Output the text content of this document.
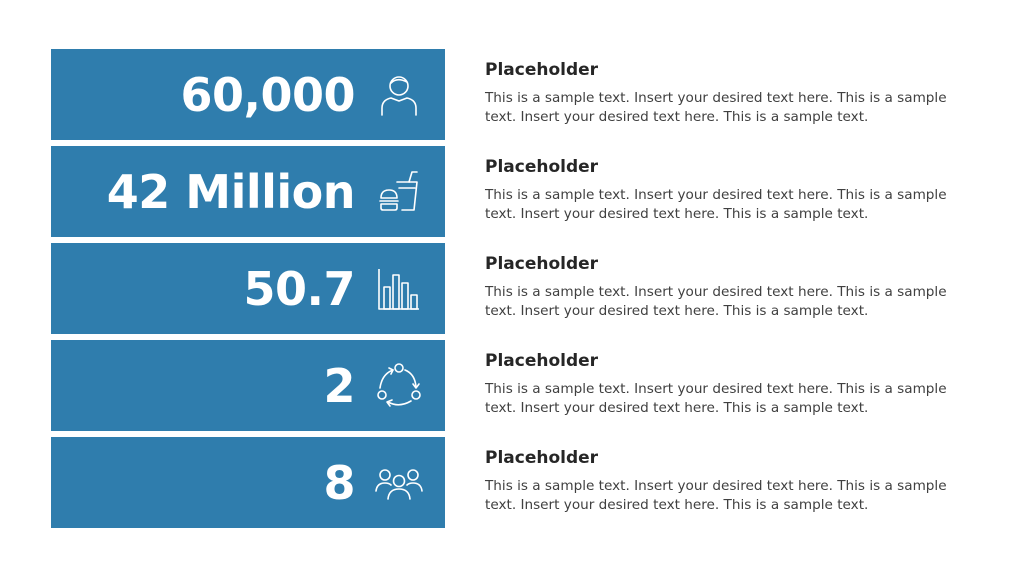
60,000
42 Million
50.7
2
8
Placeholder
This is a sample text. Insert your desired text here. This is a sample text. Insert your desired text here. This is a sample text.
Placeholder
This is a sample text. Insert your desired text here. This is a sample text. Insert your desired text here. This is a sample text.
Placeholder
This is a sample text. Insert your desired text here. This is a sample text. Insert your desired text here. This is a sample text.
Placeholder
This is a sample text. Insert your desired text here. This is a sample text. Insert your desired text here. This is a sample text.
Placeholder
This is a sample text. Insert your desired text here. This is a sample text. Insert your desired text here. This is a sample text.
